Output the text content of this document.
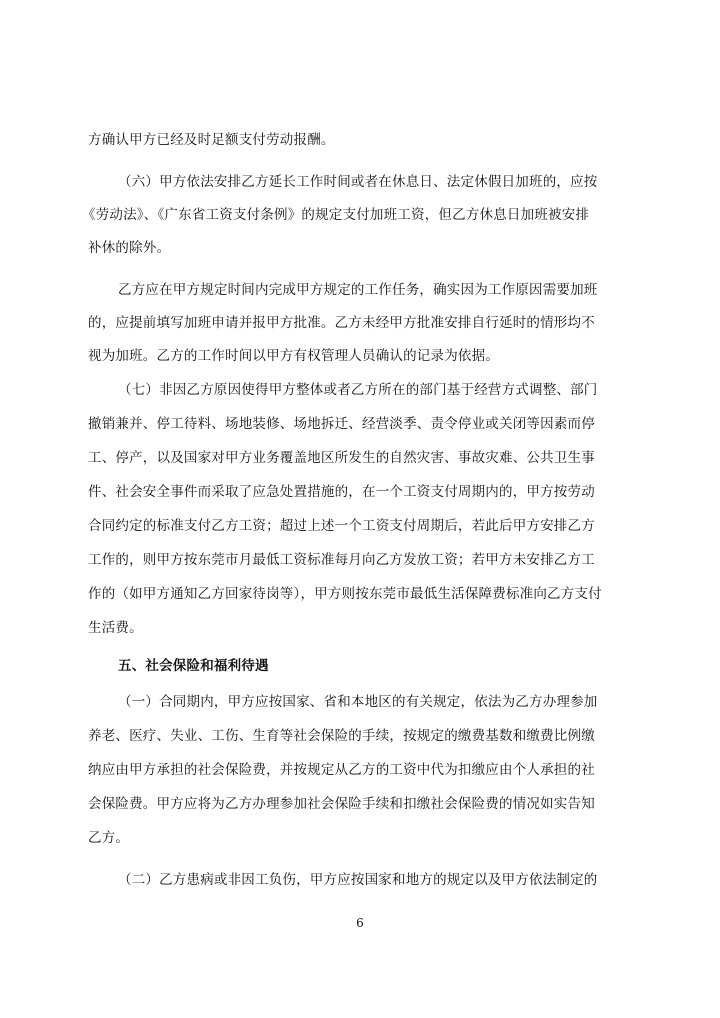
方确认甲方已经及时足额支付劳动报酬。
（六）甲方依法安排乙方延长工作时间或者在休息日、法定休假日加班的，应按
《劳动法》、《广东省工资支付条例》的规定支付加班工资，但乙方休息日加班被安排
补休的除外。
乙方应在甲方规定时间内完成甲方规定的工作任务，确实因为工作原因需要加班
的，应提前填写加班申请并报甲方批准。乙方未经甲方批准安排自行延时的情形均不
视为加班。乙方的工作时间以甲方有权管理人员确认的记录为依据。
（七）非因乙方原因使得甲方整体或者乙方所在的部门基于经营方式调整、部门
撤销兼并、停工待料、场地装修、场地拆迁、经营淡季、责令停业或关闭等因素而停
工、停产，以及国家对甲方业务覆盖地区所发生的自然灾害、事故灾难、公共卫生事
件、社会安全事件而采取了应急处置措施的，在一个工资支付周期内的，甲方按劳动
合同约定的标准支付乙方工资；超过上述一个工资支付周期后，若此后甲方安排乙方
工作的，则甲方按东莞市月最低工资标准每月向乙方发放工资；若甲方未安排乙方工
作的（如甲方通知乙方回家待岗等），甲方则按东莞市最低生活保障费标准向乙方支付
生活费。
五、社会保险和福利待遇
（一）合同期内，甲方应按国家、省和本地区的有关规定，依法为乙方办理参加
养老、医疗、失业、工伤、生育等社会保险的手续，按规定的缴费基数和缴费比例缴
纳应由甲方承担的社会保险费，并按规定从乙方的工资中代为扣缴应由个人承担的社
会保险费。甲方应将为乙方办理参加社会保险手续和扣缴社会保险费的情况如实告知
乙方。
（二）乙方患病或非因工负伤，甲方应按国家和地方的规定以及甲方依法制定的
6
